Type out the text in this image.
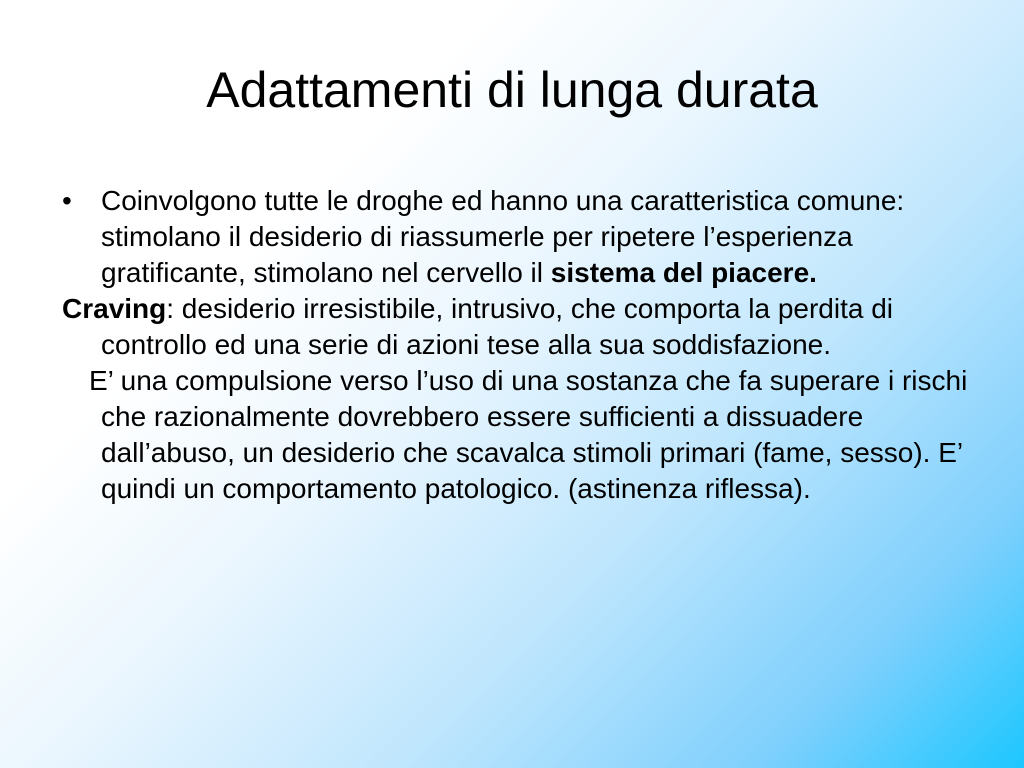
Adattamenti di lunga durata

• Coinvolgono tutte le droghe ed hanno una caratteristica comune: stimolano il desiderio di riassumerle per ripetere l’esperienza gratificante, stimolano nel cervello il sistema del piacere.

Craving: desiderio irresistibile, intrusivo, che comporta la perdita di controllo ed una serie di azioni tese alla sua soddisfazione.

E’ una compulsione verso l’uso di una sostanza che fa superare i rischi che razionalmente dovrebbero essere sufficienti a dissuadere dall’abuso, un desiderio che scavalca stimoli primari (fame, sesso). E’ quindi un comportamento patologico. (astinenza riflessa).
